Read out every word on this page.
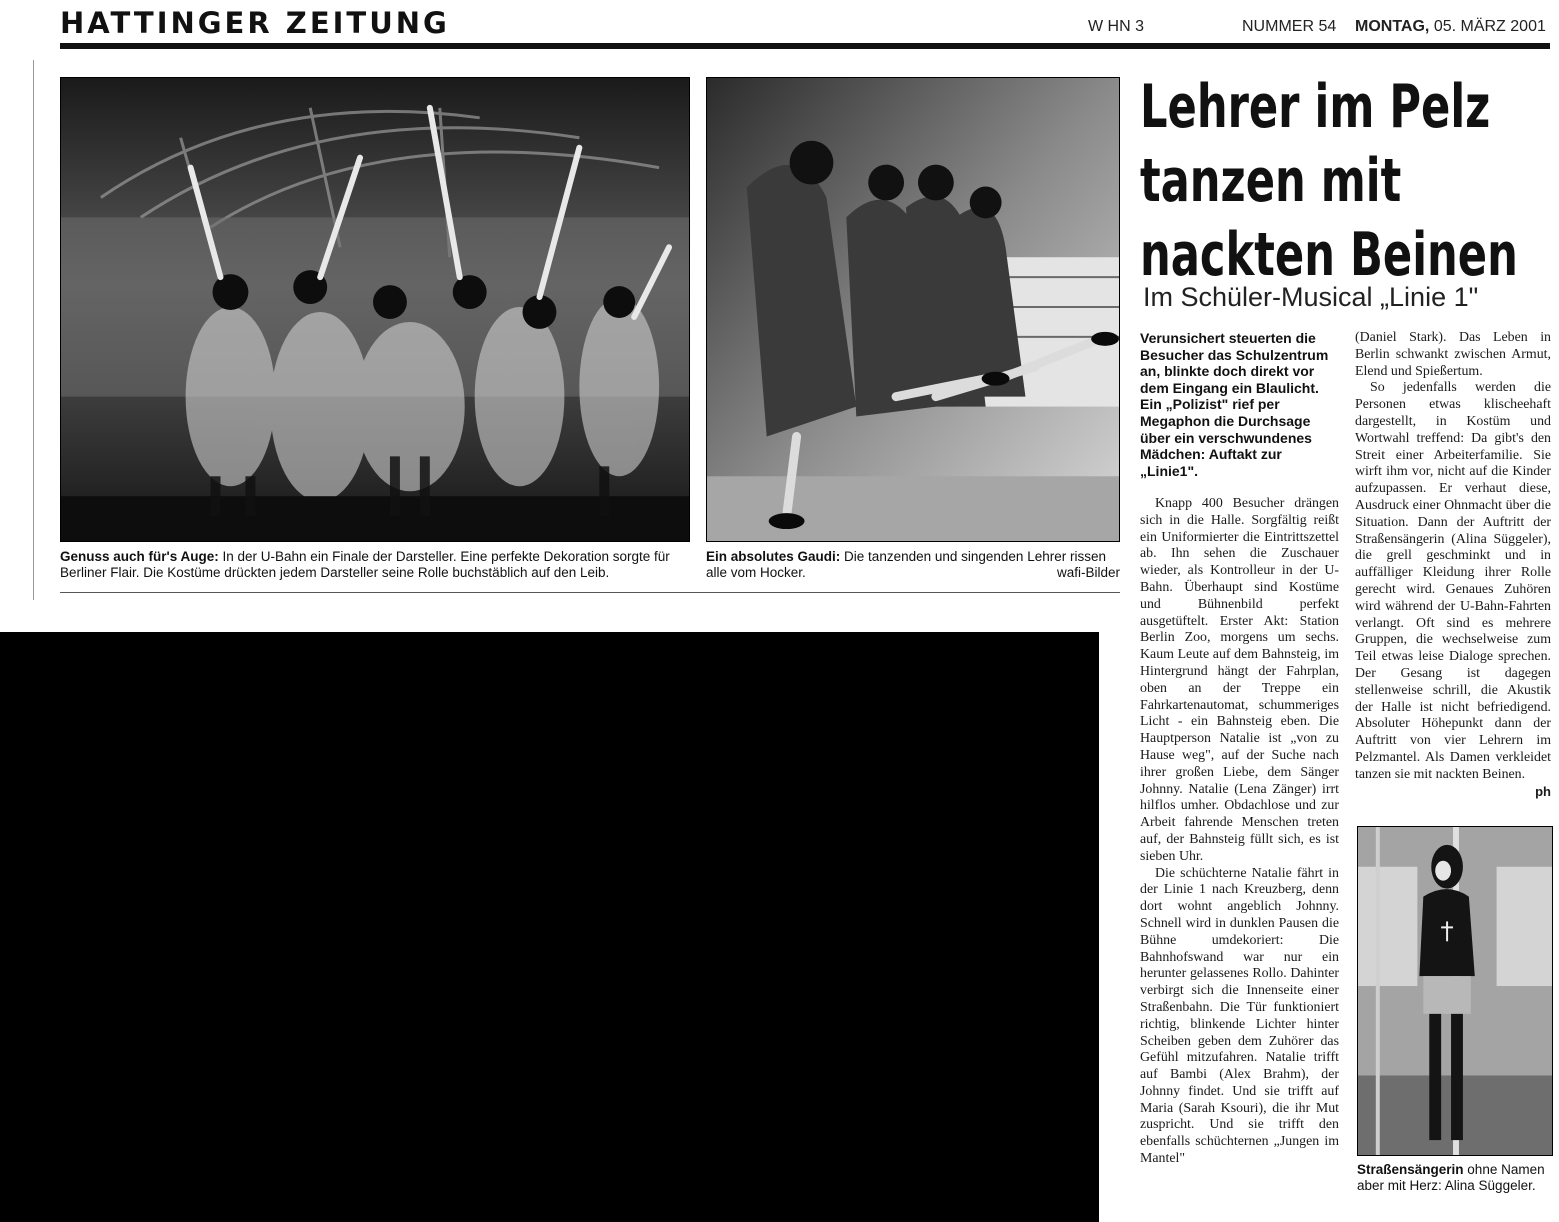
HATTINGER ZEITUNG	W HN 3	NUMMER 54 MONTAG, 05. MÄRZ 2001
Genuss auch für's Auge: In der U-Bahn ein Finale der Darsteller. Eine perfekte Dekoration sorgte für
Berliner Flair. Die Kostüme drückten jedem Darsteller seine Rolle buchstäblich auf den Leib.
Ein absolutes Gaudi: Die tanzenden und singenden Lehrer rissen
alle vom Hocker.	wafi-Bilder
Lehrer im Pelz
tanzen mit
nackten Beinen
Im Schüler-Musical „Linie 1"
Verunsichert steuerten die Besucher das Schulzentrum an, blinkte doch direkt vor dem Eingang ein Blaulicht. Ein „Polizist" rief per Megaphon die Durchsage über ein verschwundenes Mädchen: Auftakt zur „Linie1".

Knapp 400 Besucher drängen sich in die Halle. Sorgfältig reißt ein Uniformierter die Eintrittszettel ab. Ihn sehen die Zuschauer wieder, als Kontrolleur in der U-Bahn. Überhaupt sind Kostüme und Bühnenbild perfekt ausgetüftelt. Erster Akt: Station Berlin Zoo, morgens um sechs. Kaum Leute auf dem Bahnsteig, im Hintergrund hängt der Fahrplan, oben an der Treppe ein Fahrkartenautomat, schummeriges Licht - ein Bahnsteig eben. Die Hauptperson Natalie ist „von zu Hause weg", auf der Suche nach ihrer großen Liebe, dem Sänger Johnny. Natalie (Lena Zänger) irrt hilflos umher. Obdachlose und zur Arbeit fahrende Menschen treten auf, der Bahnsteig füllt sich, es ist sieben Uhr.

Die schüchterne Natalie fährt in der Linie 1 nach Kreuzberg, denn dort wohnt angeblich Johnny. Schnell wird in dunklen Pausen die Bühne umdekoriert: Die Bahnhofswand war nur ein herunter gelassenes Rollo. Dahinter verbirgt sich die Innenseite einer Straßenbahn. Die Tür funktioniert richtig, blinkende Lichter hinter Scheiben geben dem Zuhörer das Gefühl mitzufahren. Natalie trifft auf Bambi (Alex Brahm), der Johnny findet. Und sie trifft auf Maria (Sarah Ksouri), die ihr Mut zuspricht. Und sie trifft den ebenfalls schüchternen „Jungen im Mantel"

(Daniel Stark). Das Leben in Berlin schwankt zwischen Armut, Elend und Spießertum.

So jedenfalls werden die Personen etwas klischeehaft dargestellt, in Kostüm und Wortwahl treffend: Da gibt's den Streit einer Arbeiterfamilie. Sie wirft ihm vor, nicht auf die Kinder aufzupassen. Er verhaut diese, Ausdruck einer Ohnmacht über die Situation. Dann der Auftritt der Straßensängerin (Alina Süggeler), die grell geschminkt und in auffälliger Kleidung ihrer Rolle gerecht wird. Genaues Zuhören wird während der U-Bahn-Fahrten verlangt. Oft sind es mehrere Gruppen, die wechselweise zum Teil etwas leise Dialoge sprechen. Der Gesang ist dagegen stellenweise schrill, die Akustik der Halle ist nicht befriedigend. Absoluter Höhepunkt dann der Auftritt von vier Lehrern im Pelzmantel. Als Damen verkleidet tanzen sie mit nackten Beinen.
ph

Straßensängerin ohne Namen
aber mit Herz: Alina Süggeler.
